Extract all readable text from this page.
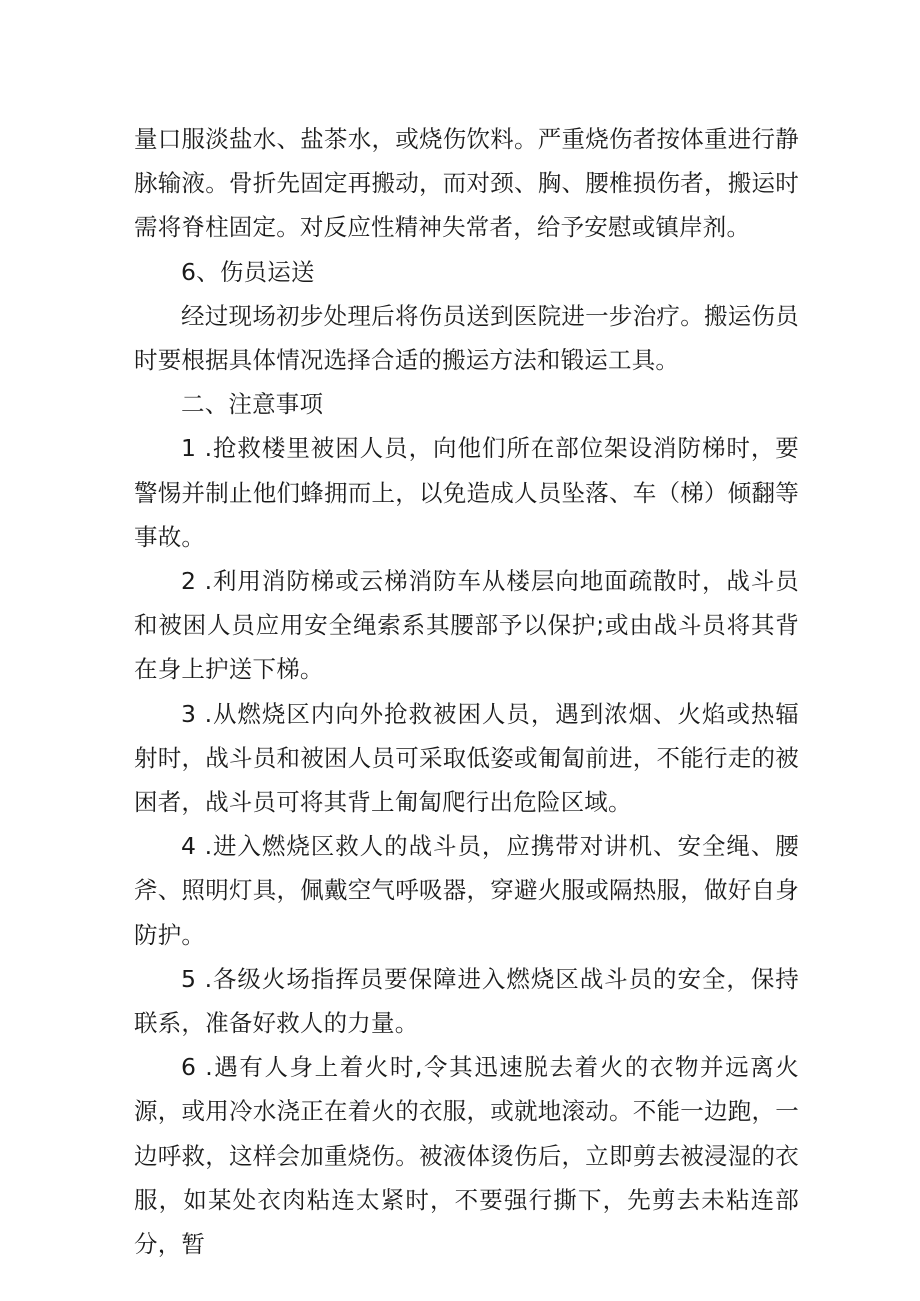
量口服淡盐水、盐茶水，或烧伤饮料。严重烧伤者按体重进行静脉输液。骨折先固定再搬动，而对颈、胸、腰椎损伤者，搬运时需将脊柱固定。对反应性精神失常者，给予安慰或镇岸剂。

6、伤员运送

经过现场初步处理后将伤员送到医院进一步治疗。搬运伤员时要根据具体情况选择合适的搬运方法和锻运工具。

二、注意事项

1 .抢救楼里被困人员，向他们所在部位架设消防梯时，要警惕并制止他们蜂拥而上，以免造成人员坠落、车（梯）倾翻等事故。

2 .利用消防梯或云梯消防车从楼层向地面疏散时，战斗员和被困人员应用安全绳索系其腰部予以保护;或由战斗员将其背在身上护送下梯。

3 .从燃烧区内向外抢救被困人员，遇到浓烟、火焰或热辐射时，战斗员和被困人员可采取低姿或匍匐前进，不能行走的被困者，战斗员可将其背上匍匐爬行出危险区域。

4 .进入燃烧区救人的战斗员，应携带对讲机、安全绳、腰斧、照明灯具，佩戴空气呼吸器，穿避火服或隔热服，做好自身防护。

5 .各级火场指挥员要保障进入燃烧区战斗员的安全，保持联系，准备好救人的力量。

6 .遇有人身上着火时,令其迅速脱去着火的衣物并远离火源，或用冷水浇正在着火的衣服，或就地滚动。不能一边跑，一边呼救，这样会加重烧伤。被液体烫伤后，立即剪去被浸湿的衣服，如某处衣肉粘连太紧时，不要强行撕下，先剪去未粘连部分，暂
